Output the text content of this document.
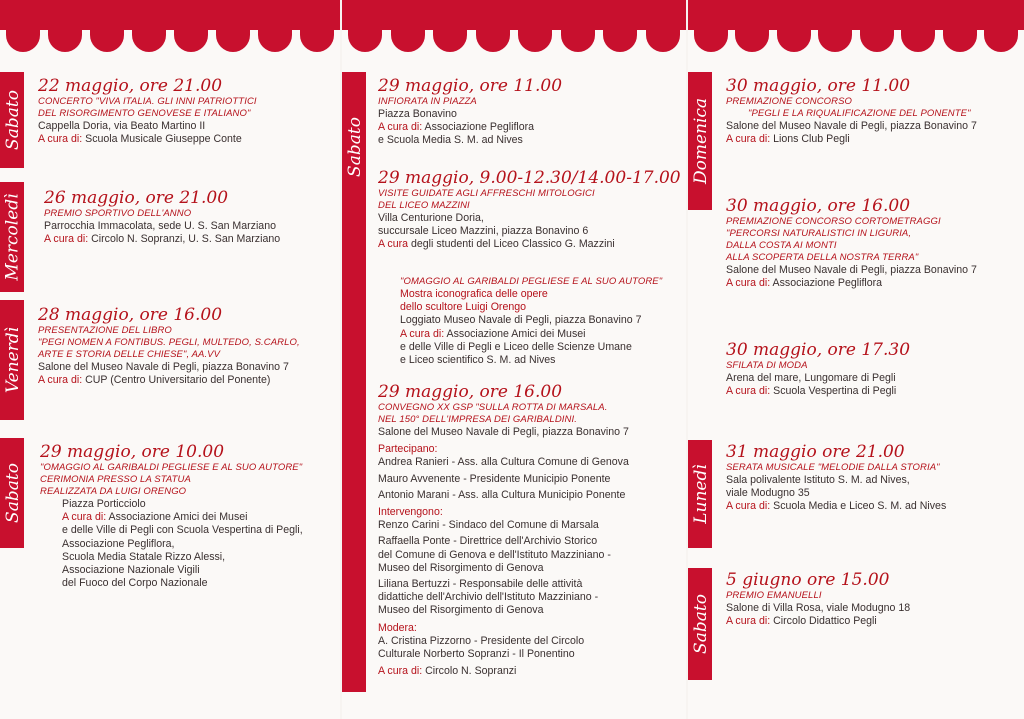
Sabato
22 maggio, ore 21.00
CONCERTO "VIVA ITALIA. GLI INNI PATRIOTTICI
DEL RISORGIMENTO GENOVESE E ITALIANO"
Cappella Doria, via Beato Martino II
A cura di: Scuola Musicale Giuseppe Conte
Mercoledì 26 maggio, ore 21.00
PREMIO SPORTIVO DELL'ANNO
Parrocchia Immacolata, sede U. S. San Marziano
A cura di: Circolo N. Sopranzi, U. S. San Marziano
Venerdì
28 maggio, ore 16.00
PRESENTAZIONE DEL LIBRO
"PEGI NOMEN A FONTIBUS. PEGLI, MULTEDO, S.CARLO,
ARTE E STORIA DELLE CHIESE", AA.VV
Salone del Museo Navale di Pegli, piazza Bonavino 7
A cura di: CUP (Centro Universitario del Ponente)
Sabato
29 maggio, ore 10.00
"OMAGGIO AL GARIBALDI PEGLIESE E AL SUO AUTORE"
CERIMONIA PRESSO LA STATUA
REALIZZATA DA LUIGI ORENGO
Piazza Porticciolo
A cura di: Associazione Amici dei Musei
e delle Ville di Pegli con Scuola Vespertina di Pegli,
Associazione Pegliflora,
Scuola Media Statale Rizzo Alessi,
Associazione Nazionale Vigili
del Fuoco del Corpo Nazionale
Sabato
29 maggio, ore 11.00
INFIORATA IN PIAZZA
Piazza Bonavino
A cura di: Associazione Pegliflora
e Scuola Media S. M. ad Nives
29 maggio, 9.00-12.30/14.00-17.00
VISITE GUIDATE AGLI AFFRESCHI MITOLOGICI
DEL LICEO MAZZINI
Villa Centurione Doria,
succursale Liceo Mazzini, piazza Bonavino 6
A cura degli studenti del Liceo Classico G. Mazzini
"OMAGGIO AL GARIBALDI PEGLIESE E AL SUO AUTORE"
Mostra iconografica delle opere
dello scultore Luigi Orengo
Loggiato Museo Navale di Pegli, piazza Bonavino 7
A cura di: Associazione Amici dei Musei
e delle Ville di Pegli e Liceo delle Scienze Umane
e Liceo scientifico S. M. ad Nives
29 maggio, ore 16.00
CONVEGNO XX GSP "SULLA ROTTA DI MARSALA.
NEL 150° DELL'IMPRESA DEI GARIBALDINI.
Salone del Museo Navale di Pegli, piazza Bonavino 7
Partecipano:
Andrea Ranieri - Ass. alla Cultura Comune di Genova
Mauro Avvenente - Presidente Municipio Ponente
Antonio Marani - Ass. alla Cultura Municipio Ponente
Intervengono:
Renzo Carini - Sindaco del Comune di Marsala
Raffaella Ponte - Direttrice dell'Archivio Storico
del Comune di Genova e dell'Istituto Mazziniano -
Museo del Risorgimento di Genova
Liliana Bertuzzi - Responsabile delle attività
didattiche dell'Archivio dell'Istituto Mazziniano -
Museo del Risorgimento di Genova
Modera:
A. Cristina Pizzorno - Presidente del Circolo
Culturale Norberto Sopranzi - Il Ponentino
A cura di: Circolo N. Sopranzi
Domenica
30 maggio, ore 11.00
PREMIAZIONE CONCORSO
"PEGLI E LA RIQUALIFICAZIONE DEL PONENTE"
Salone del Museo Navale di Pegli, piazza Bonavino 7
A cura di: Lions Club Pegli
30 maggio, ore 16.00
PREMIAZIONE CONCORSO CORTOMETRAGGI
"PERCORSI NATURALISTICI IN LIGURIA,
DALLA COSTA AI MONTI
ALLA SCOPERTA DELLA NOSTRA TERRA"
Salone del Museo Navale di Pegli, piazza Bonavino 7
A cura di: Associazione Pegliflora
30 maggio, ore 17.30
SFILATA DI MODA
Arena del mare, Lungomare di Pegli
A cura di: Scuola Vespertina di Pegli
Lunedì
31 maggio ore 21.00
SERATA MUSICALE "MELODIE DALLA STORIA"
Sala polivalente Istituto S. M. ad Nives,
viale Modugno 35
A cura di: Scuola Media e Liceo S. M. ad Nives
Sabato
5 giugno ore 15.00
PREMIO EMANUELLI
Salone di Villa Rosa, viale Modugno 18
A cura di: Circolo Didattico Pegli
